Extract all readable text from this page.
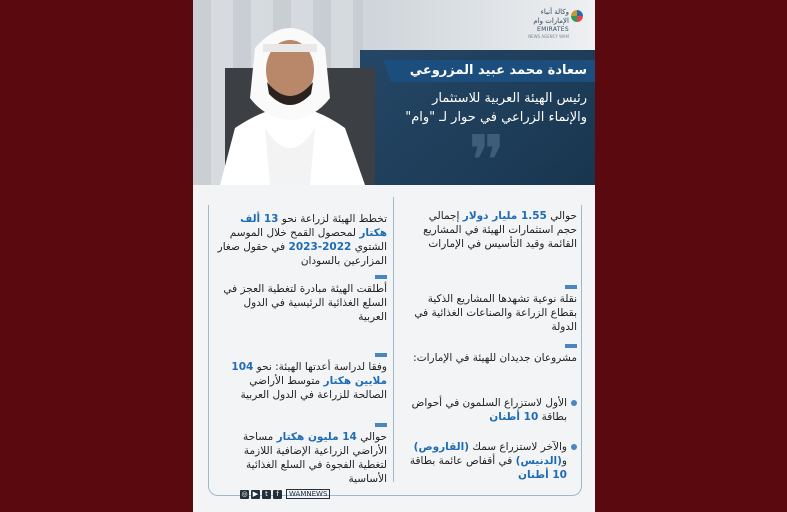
❞
وكالة أنباء
الإمارات وام
EMIRATES
NEWS AGENCY WAM
سعادة محمد عبيد المزروعي
رئيس الهيئة العربية للاستثمار
والإنماء الزراعي في حوار لـ "وام"
حوالي 1.55 مليار دولار إجمالي حجم استثمارات الهيئة في المشاريع القائمة وقيد التأسيس في الإمارات
نقلة نوعية تشهدها المشاريع الذكية بقطاع الزراعة والصناعات الغذائية في الدولة
مشروعان جديدان للهيئة في الإمارات:
الأول لاستزراع السلمون في أحواض بطاقة 10 أطنان
والآخر لاستزراع سمك (القاروص) و(الدنيس) في أقفاص عائمة بطاقة 10 أطنان
تخطط الهيئة لزراعة نحو 13 ألف هكتار لمحصول القمح خلال الموسم الشتوي 2022-2023 في حقول صغار المزارعين بالسودان
أطلقت الهيئة مبادرة لتغطية العجز في السلع الغذائية الرئيسية في الدول العربية
وفقا لدراسة أعدتها الهيئة: نحو 104 ملايين هكتار متوسط الأراضي الصالحة للزراعة في الدول العربية
حوالي 14 مليون هكتار مساحة الأراضي الزراعية الإضافية اللازمة لتغطية الفجوة في السلع الغذائية الأساسية
◎ ▶ t	f	WAMNEWS
